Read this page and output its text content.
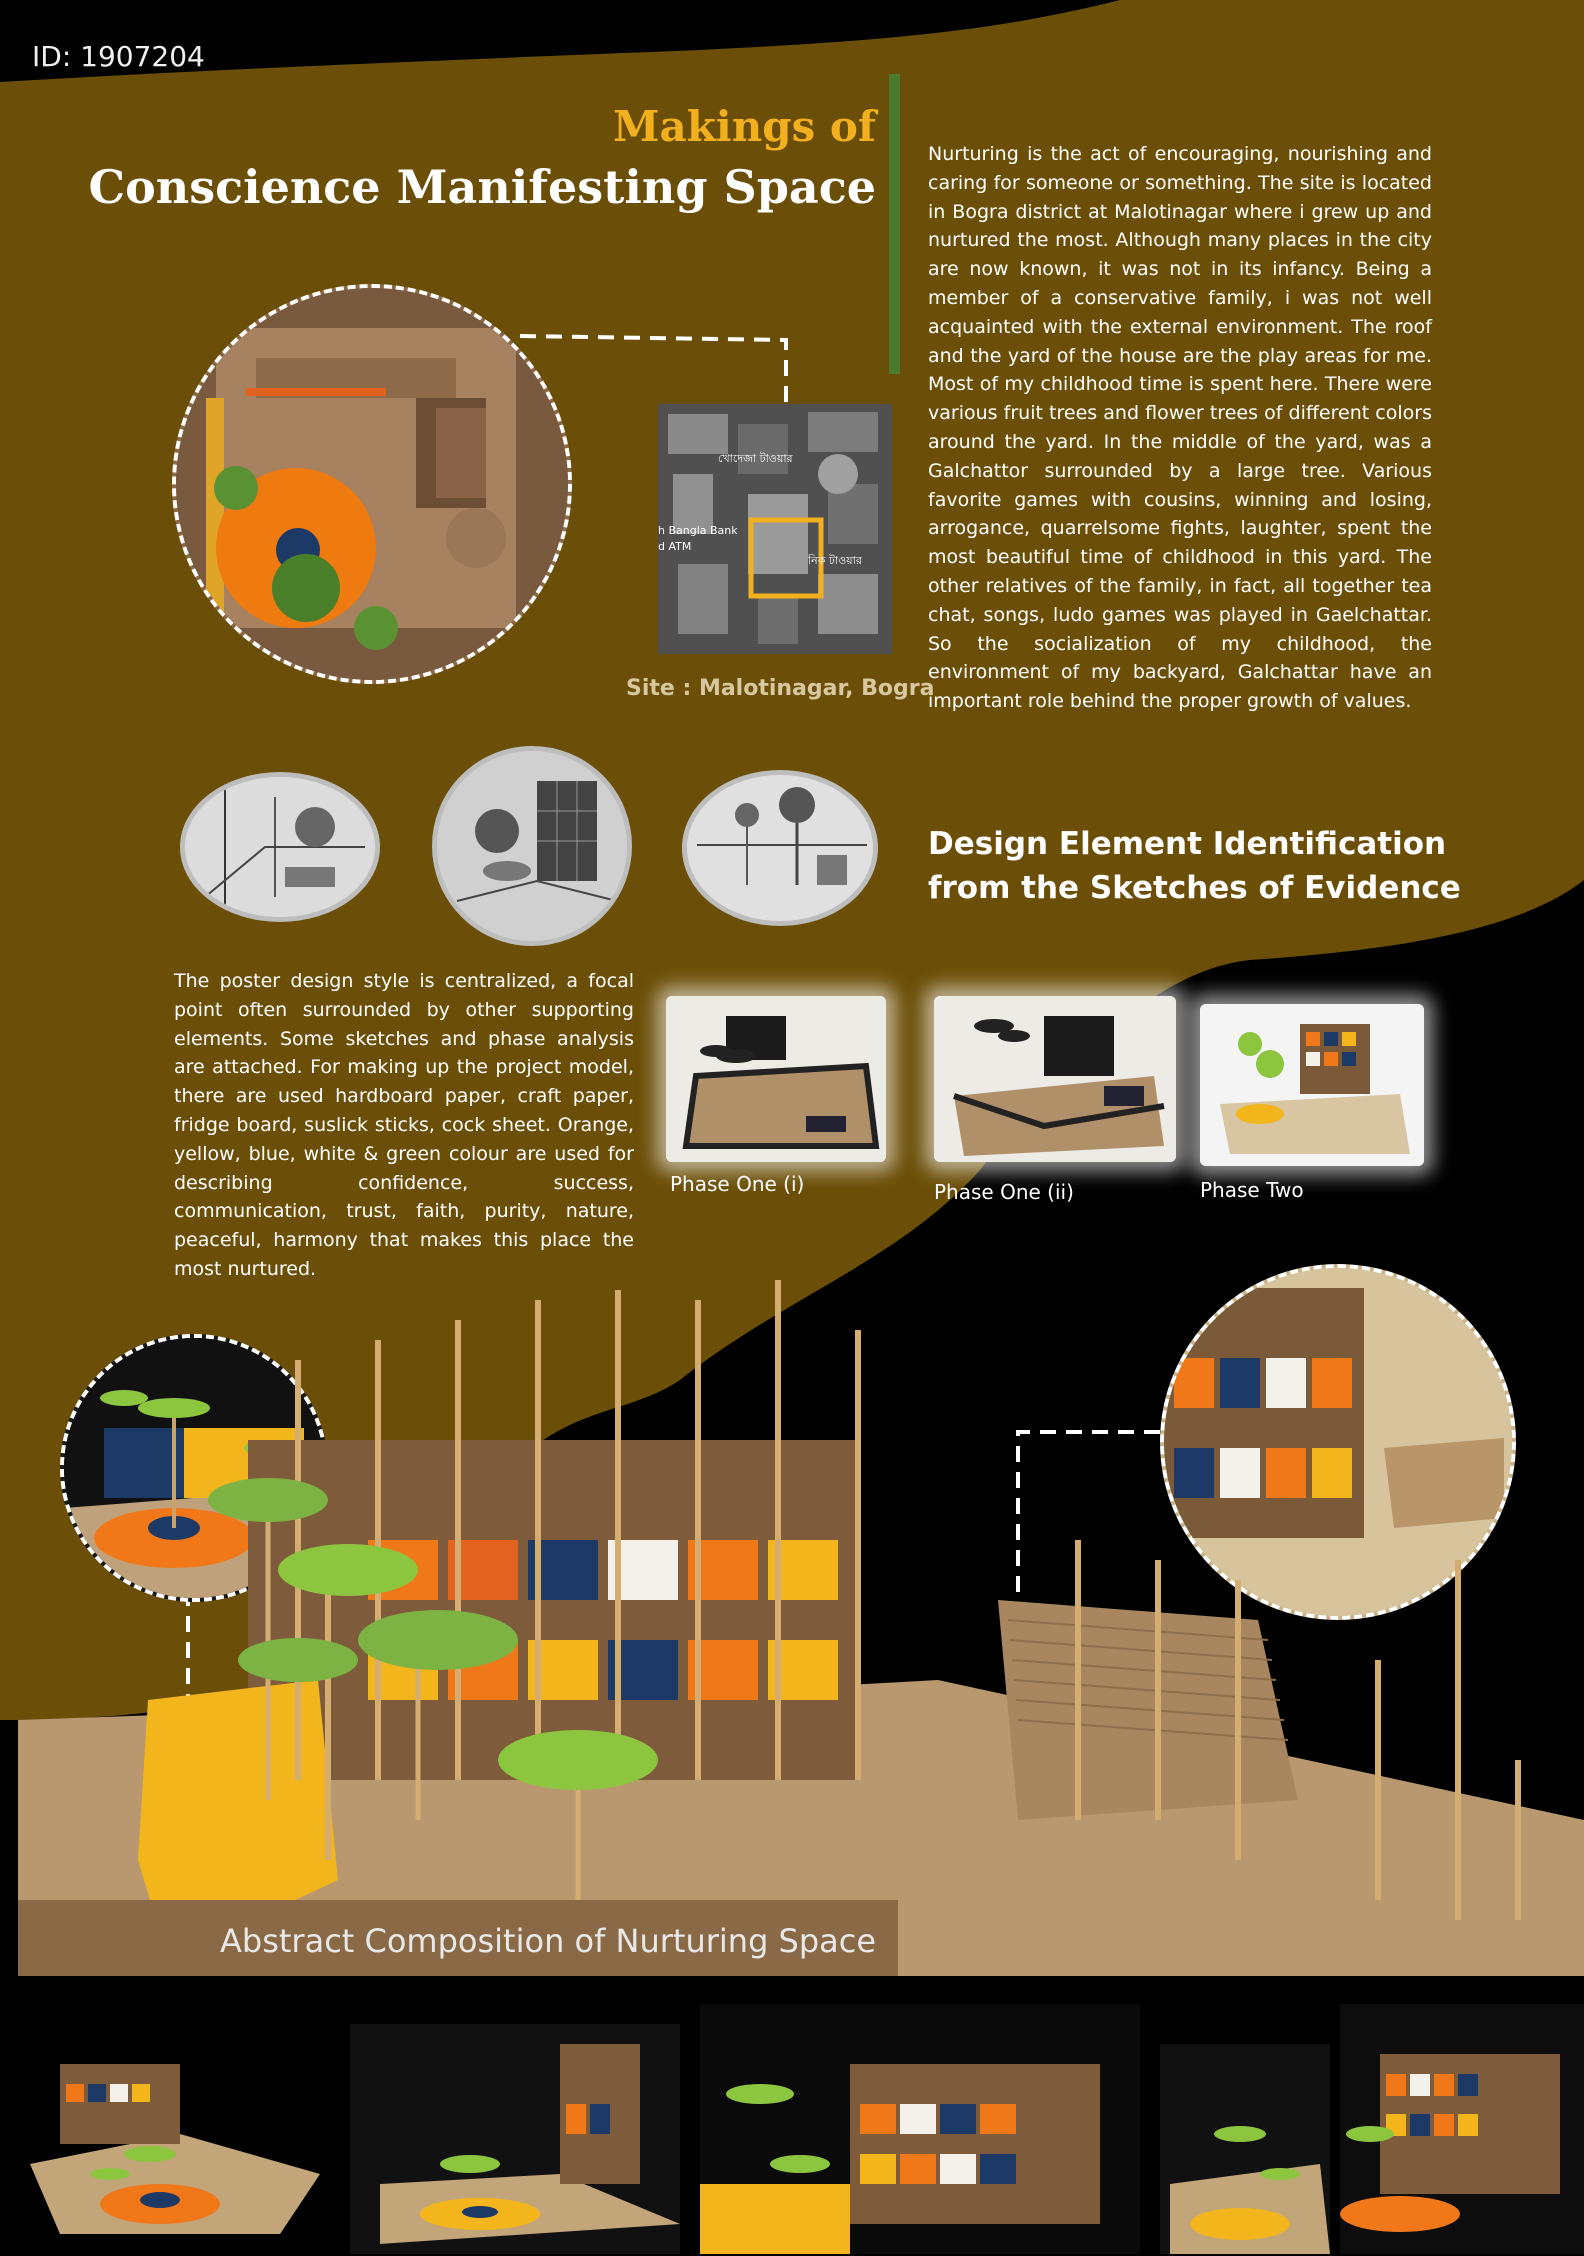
ID: 1907204
Makings of
Conscience Manifesting Space
Nurturing is the act of encouraging, nourishing and caring for someone or something. The site is located in Bogra district at Malotinagar where i grew up and nurtured the most. Although many places in the city are now known, it was not in its infancy. Being a member of a conservative family, i was not well acquainted with the external environment. The roof and the yard of the house are the play areas for me. Most of my childhood time is spent here. There were various fruit trees and flower trees of different colors around the yard. In the middle of the yard, was a Galchattor surrounded by a large tree. Various favorite games with cousins, winning and losing, arrogance, quarrelsome fights, laughter, spent the most beautiful time of childhood in this yard. The other relatives of the family, in fact, all together tea chat, songs, ludo games was played in Gaelchattar. So the socialization of my childhood, the environment of my backyard, Galchattar have an important role behind the proper growth of values.
খোদেজা টাওয়ার
h Bangla Bank
d ATM
নিক টাওয়ার
Site : Malotinagar, Bogra
Design Element Identification
from the Sketches of Evidence
The poster design style is centralized, a focal point often surrounded by other supporting elements. Some sketches and phase analysis are attached. For making up the project model, there are used hardboard paper, craft paper, fridge board, suslick sticks, cock sheet. Orange, yellow, blue, white & green colour are used for describing confidence, success, communication, trust, faith, purity, nature, peaceful, harmony that makes this place the most nurtured.
Phase One (i)	Phase One (ii)	Phase Two
Abstract Composition of Nurturing Space
